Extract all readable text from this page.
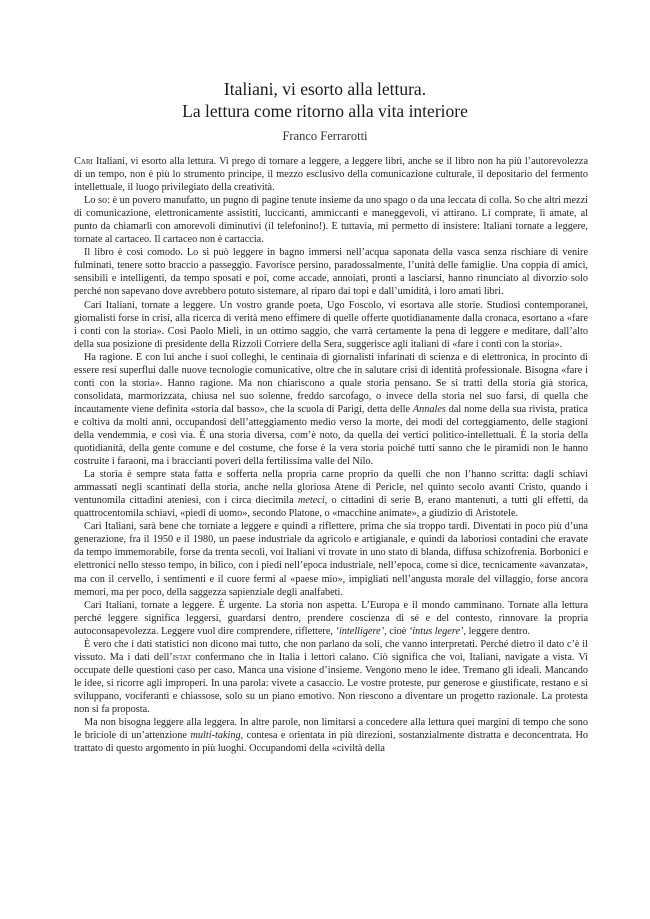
Italiani, vi esorto alla lettura.
La lettura come ritorno alla vita interiore
Franco Ferrarotti

Cari Italiani, vi esorto alla lettura. Vi prego di tornare a leggere, a leggere libri, anche se il libro non ha più l’autorevolezza di un tempo, non è più lo strumento principe, il mezzo esclusivo della comunicazione culturale, il depositario del fermento intellettuale, il luogo privilegiato della creatività.

Lo so: è un povero manufatto, un pugno di pagine tenute insieme da uno spago o da una leccata di colla. So che altri mezzi di comunicazione, elettronicamente assistiti, luccicanti, ammiccanti e maneggevoli, vi attirano. Li comprate, li amate, al punto da chiamarli con amorevoli diminutivi (il telefonino!). E tuttavia, mi permetto di insistere: Italiani tornate a leggere, tornate al cartaceo. Il cartaceo non è cartaccia.

Il libro è così comodo. Lo si può leggere in bagno immersi nell’acqua saponata della vasca senza rischiare di venire fulminati, tenere sotto braccio a passeggio. Favorisce persino, paradossalmente, l’unità delle famiglie. Una coppia di amici, sensibili e intelligenti, da tempo sposati e poi, come accade, annoiati, pronti a lasciarsi, hanno rinunciato al divorzio solo perché non sapevano dove avrebbero potuto sistemare, al riparo dai topi e dall’umidità, i loro amati libri.

Cari Italiani, tornate a leggere. Un vostro grande poeta, Ugo Foscolo, vi esortava alle storie. Studiosi contemporanei, giornalisti forse in crisi, alla ricerca di verità meno effimere di quelle offerte quotidianamente dalla cronaca, esortano a «fare i conti con la storia». Così Paolo Mieli, in un ottimo saggio, che varrà certamente la pena di leggere e meditare, dall’alto della sua posizione di presidente della Rizzoli Corriere della Sera, suggerisce agli italiani di «fare i conti con la storia».

Ha ragione. E con lui anche i suoi colleghi, le centinaia di giornalisti infarinati di scienza e di elettronica, in procinto di essere resi superflui dalle nuove tecnologie comunicative, oltre che in salutare crisi di identità professionale. Bisogna «fare i conti con la storia». Hanno ragione. Ma non chiariscono a quale storia pensano. Se si tratti della storia già storica, consolidata, marmorizzata, chiusa nel suo solenne, freddo sarcofago, o invece della storia nel suo farsi, di quella che incautamente viene definita «storia dal basso», che la scuola di Parigi, detta delle Annales dal nome della sua rivista, pratica e coltiva da molti anni, occupandosi dell’atteggiamento medio verso la morte, dei modi del corteggiamento, delle stagioni della vendemmia, e così via. È una storia diversa, com’è noto, da quella dei vertici politico-intellettuali. È la storia della quotidianità, della gente comune e del costume, che forse è la vera storia poiché tutti sanno che le piramidi non le hanno costruite i faraoni, ma i braccianti poveri della fertilissima valle del Nilo.

La storia è sempre stata fatta e sofferta nella propria carne proprio da quelli che non l’hanno scritta: dagli schiavi ammassati negli scantinati della storia, anche nella gloriosa Atene di Pericle, nel quinto secolo avanti Cristo, quando i ventunomila cittadini ateniesi, con i circa diecimila meteci, o cittadini di serie B, erano mantenuti, a tutti gli effetti, da quattrocentomila schiavi, «piedi di uomo», secondo Platone, o «macchine animate», a giudizio di Aristotele.

Cari Italiani, sarà bene che torniate a leggere e quindi a riflettere, prima che sia troppo tardi. Diventati in poco più d’una generazione, fra il 1950 e il 1980, un paese industriale da agricolo e artigianale, e quindi da laboriosi contadini che eravate da tempo immemorabile, forse da trenta secoli, voi Italiani vi trovate in uno stato di blanda, diffusa schizofrenia. Borbonici e elettronici nello stesso tempo, in bilico, con i piedi nell’epoca industriale, nell’epoca, come si dice, tecnicamente «avanzata», ma con il cervello, i sentimenti e il cuore fermi al «paese mio», impigliati nell’angusta morale del villaggio, forse ancora memori, ma per poco, della saggezza sapienziale degli analfabeti.

Cari Italiani, tornate a leggere. È urgente. La storia non aspetta. L’Europa e il mondo camminano. Tornate alla lettura perché leggere significa leggersi, guardarsi dentro, prendere coscienza di sé e del contesto, rinnovare la propria autoconsapevolezza. Leggere vuol dire comprendere, riflettere, ‘intelligere’, cioè ‘intus legere’, leggere dentro.

È vero che i dati statistici non dicono mai tutto, che non parlano da soli, che vanno interpretati. Perché dietro il dato c’è il vissuto. Ma i dati dell’istat confermano che in Italia i lettori calano. Ciò significa che voi, Italiani, navigate a vista. Vi occupate delle questioni caso per caso. Manca una visione d’insieme. Vengono meno le idee. Tremano gli ideali. Mancando le idee, si ricorre agli improperi. In una parola: vivete a casaccio. Le vostre proteste, pur generose e giustificate, restano e si sviluppano, vociferanti e chiassose, solo su un piano emotivo. Non riescono a diventare un progetto razionale. La protesta non si fa proposta.

Ma non bisogna leggere alla leggera. In altre parole, non limitarsi a concedere alla lettura quei margini di tempo che sono le briciole di un’attenzione multi-taking, contesa e orientata in più direzioni, sostanzialmente distratta e deconcentrata. Ho trattato di questo argomento in più luoghi. Occupandomi della «civiltà della
